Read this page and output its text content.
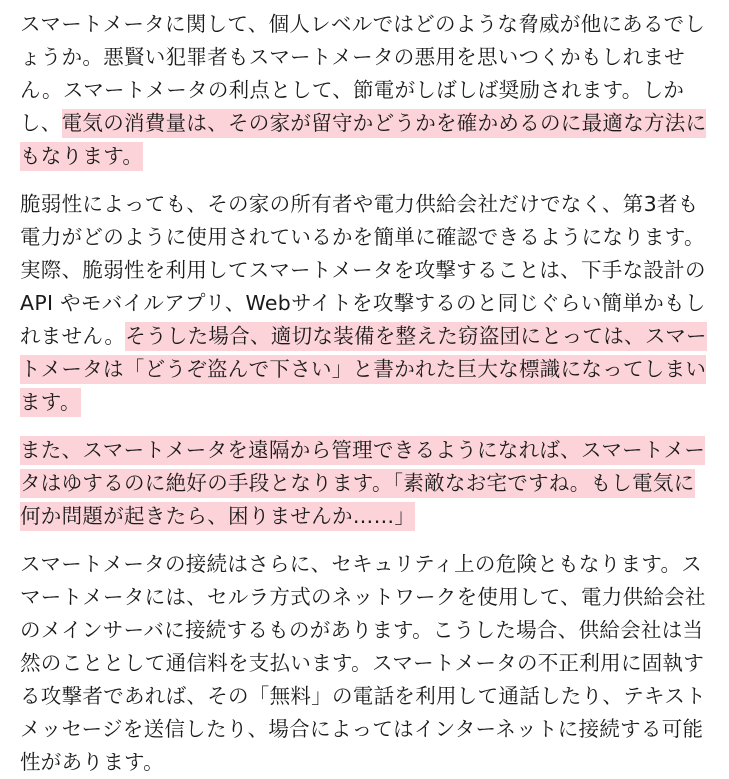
スマートメータに関して、個人レベルではどのような脅威が他にあるでしょうか。悪賢い犯罪者もスマートメータの悪用を思いつくかもしれません。スマートメータの利点として、節電がしばしば奨励されます。しかし、電気の消費量は、その家が留守かどうかを確かめるのに最適な方法にもなります。

脆弱性によっても、その家の所有者や電力供給会社だけでなく、第3者も電力がどのように使用されているかを簡単に確認できるようになります。実際、脆弱性を利用してスマートメータを攻撃することは、下手な設計の API やモバイルアプリ、Webサイトを攻撃するのと同じぐらい簡単かもしれません。そうした場合、適切な装備を整えた窃盗団にとっては、スマートメータは「どうぞ盗んで下さい」と書かれた巨大な標識になってしまいます。

また、スマートメータを遠隔から管理できるようになれば、スマートメータはゆするのに絶好の手段となります。「素敵なお宅ですね。もし電気に何か問題が起きたら、困りませんか……」

スマートメータの接続はさらに、セキュリティ上の危険ともなります。スマートメータには、セルラ方式のネットワークを使用して、電力供給会社のメインサーバに接続するものがあります。こうした場合、供給会社は当然のこととして通信料を支払います。スマートメータの不正利用に固執する攻撃者であれば、その「無料」の電話を利用して通話したり、テキストメッセージを送信したり、場合によってはインターネットに接続する可能性があります。
